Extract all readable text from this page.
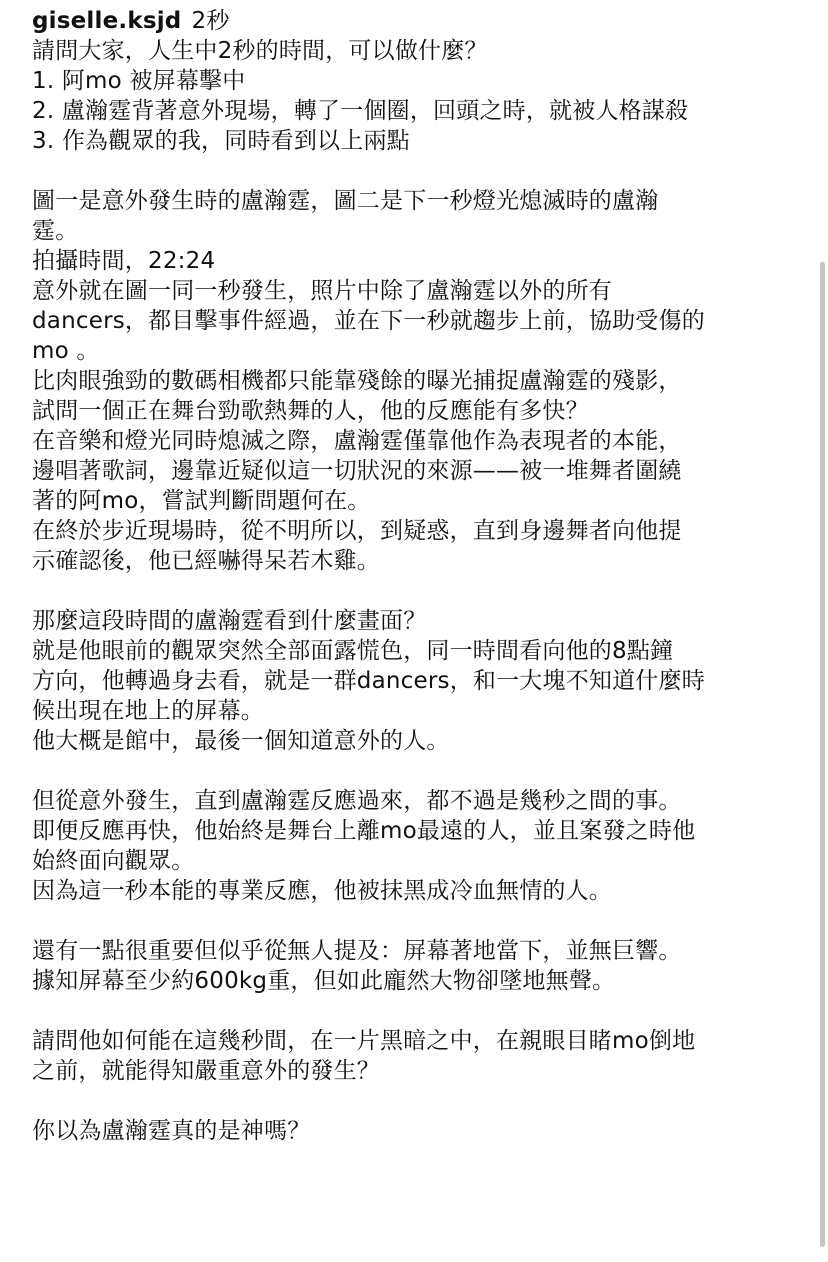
giselle.ksjd 2秒
請問大家，人生中2秒的時間，可以做什麼？
1. 阿mo 被屏幕擊中
2. 盧瀚霆背著意外現場，轉了一個圈，回頭之時，就被人格謀殺
3. 作為觀眾的我，同時看到以上兩點
圖一是意外發生時的盧瀚霆，圖二是下一秒燈光熄滅時的盧瀚
霆。
拍攝時間，22:24
意外就在圖一同一秒發生，照片中除了盧瀚霆以外的所有
dancers，都目擊事件經過，並在下一秒就趨步上前，協助受傷的
mo 。
比肉眼強勁的數碼相機都只能靠殘餘的曝光捕捉盧瀚霆的殘影，
試問一個正在舞台勁歌熱舞的人，他的反應能有多快？
在音樂和燈光同時熄滅之際，盧瀚霆僅靠他作為表現者的本能，
邊唱著歌詞，邊靠近疑似這一切狀況的來源——被一堆舞者圍繞
著的阿mo，嘗試判斷問題何在。
在終於步近現場時，從不明所以，到疑惑，直到身邊舞者向他提
示確認後，他已經嚇得呆若木雞。
那麼這段時間的盧瀚霆看到什麼畫面？
就是他眼前的觀眾突然全部面露慌色，同一時間看向他的8點鐘
方向，他轉過身去看，就是一群dancers，和一大塊不知道什麼時
候出現在地上的屏幕。
他大概是館中，最後一個知道意外的人。
但從意外發生，直到盧瀚霆反應過來，都不過是幾秒之間的事。
即便反應再快，他始終是舞台上離mo最遠的人，並且案發之時他
始終面向觀眾。
因為這一秒本能的專業反應，他被抹黑成冷血無情的人。
還有一點很重要但似乎從無人提及：屏幕著地當下，並無巨響。
據知屏幕至少約600kg重，但如此龐然大物卻墜地無聲。
請問他如何能在這幾秒間，在一片黑暗之中，在親眼目睹mo倒地
之前，就能得知嚴重意外的發生？
你以為盧瀚霆真的是神嗎？
